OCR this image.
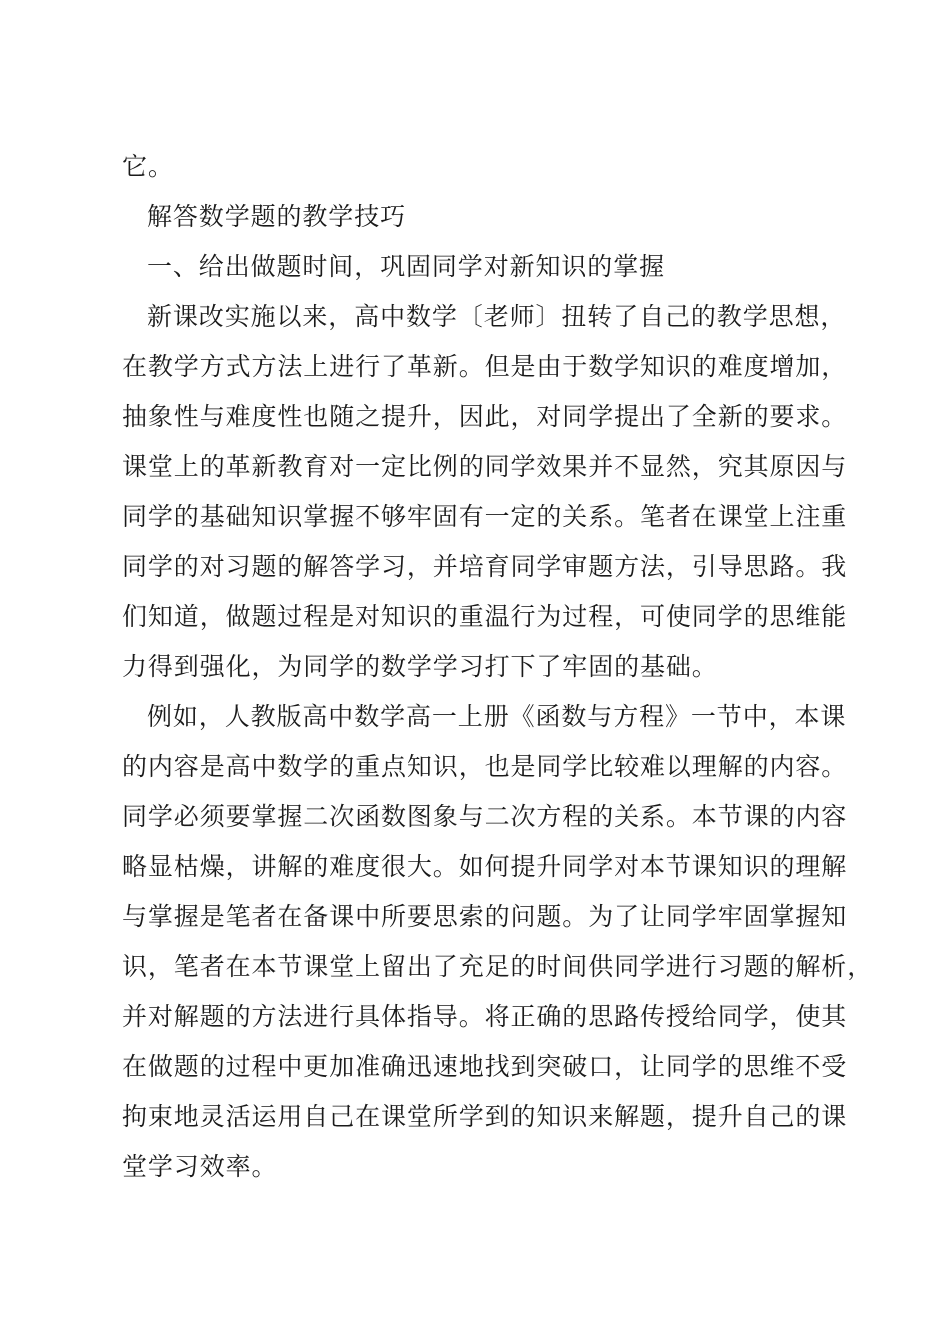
它。
解答数学题的教学技巧
一、给出做题时间，巩固同学对新知识的掌握
新课改实施以来，高中数学〔老师〕扭转了自己的教学思想，
在教学方式方法上进行了革新。但是由于数学知识的难度增加，
抽象性与难度性也随之提升，因此，对同学提出了全新的要求。
课堂上的革新教育对一定比例的同学效果并不显然，究其原因与
同学的基础知识掌握不够牢固有一定的关系。笔者在课堂上注重
同学的对习题的解答学习，并培育同学审题方法，引导思路。我
们知道，做题过程是对知识的重温行为过程，可使同学的思维能
力得到强化，为同学的数学学习打下了牢固的基础。
例如，人教版高中数学高一上册《函数与方程》一节中，本课
的内容是高中数学的重点知识，也是同学比较难以理解的内容。
同学必须要掌握二次函数图象与二次方程的关系。本节课的内容
略显枯燥，讲解的难度很大。如何提升同学对本节课知识的理解
与掌握是笔者在备课中所要思索的问题。为了让同学牢固掌握知
识，笔者在本节课堂上留出了充足的时间供同学进行习题的解析，
并对解题的方法进行具体指导。将正确的思路传授给同学，使其
在做题的过程中更加准确迅速地找到突破口，让同学的思维不受
拘束地灵活运用自己在课堂所学到的知识来解题，提升自己的课
堂学习效率。
